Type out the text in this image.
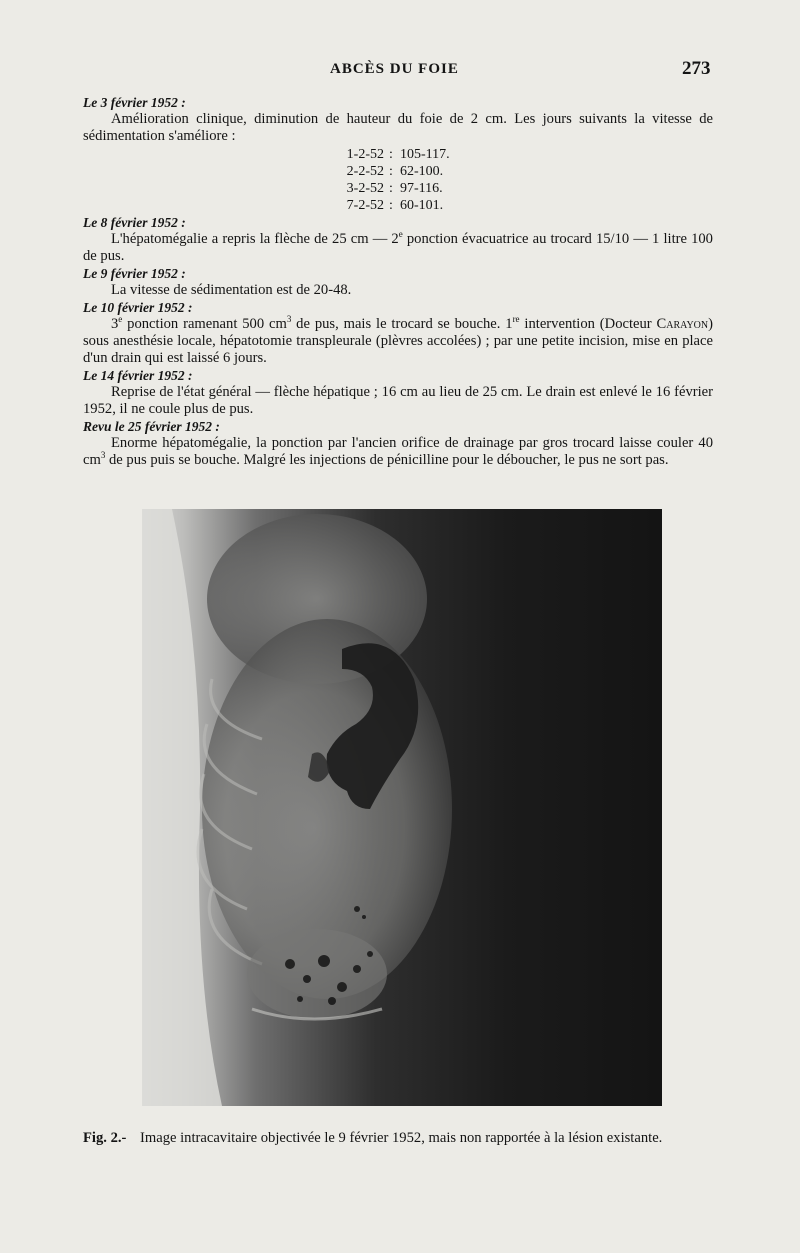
ABCÈS DU FOIE	273
Le 3 février 1952 :

Amélioration clinique, diminution de hauteur du foie de 2 cm. Les jours suivants la vitesse de sédimentation s'améliore :

1-2-52	:	105-117.
2-2-52	:	62-100.
3-2-52	:	97-116.
7-2-52	:	60-101.
Le 8 février 1952 :

L'hépatomégalie a repris la flèche de 25 cm — 2e ponction évacuatrice au trocard 15/10 — 1 litre 100 de pus.

Le 9 février 1952 :

La vitesse de sédimentation est de 20-48.

Le 10 février 1952 :

3e ponction ramenant 500 $cm^3$ de pus, mais le trocard se bouche. 1re intervention (Docteur Carayon) sous anesthésie locale, hépatotomie transpleurale (plèvres accolées) ; par une petite incision, mise en place d'un drain qui est laissé 6 jours.

Le 14 février 1952 :

Reprise de l'état général — flèche hépatique ; 16 cm au lieu de 25 cm. Le drain est enlevé le 16 février 1952, il ne coule plus de pus.

Revu le 25 février 1952 :

Enorme hépatomégalie, la ponction par l'ancien orifice de drainage par gros trocard laisse couler 40 $cm^3$ de pus puis se bouche. Malgré les injections de pénicilline pour le déboucher, le pus ne sort pas.

Fig. 2.- Image intracavitaire objectivée le 9 février 1952, mais non rapportée à la lésion existante.
